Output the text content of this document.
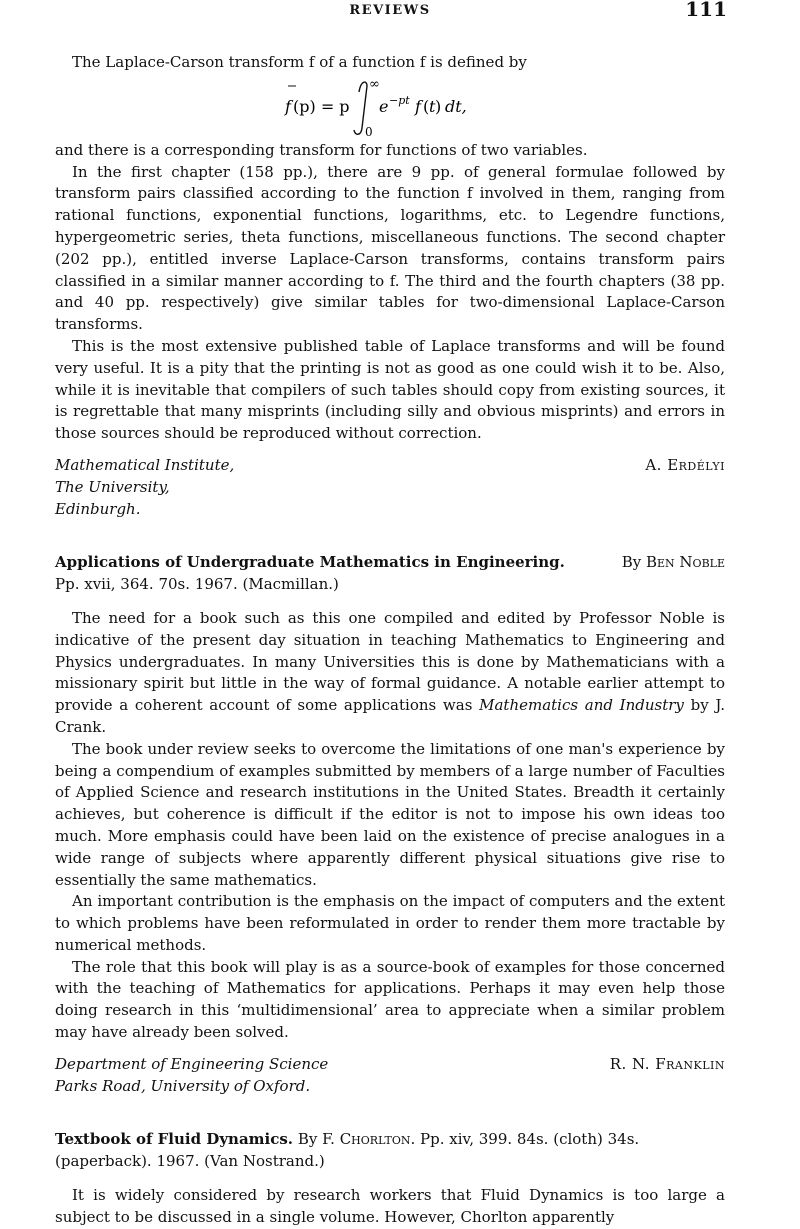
REVIEWS	111

The Laplace-Carson transform f of a function f is defined by

f (p) = p
∞
0
e −pt f ( t ) dt,

and there is a corresponding transform for functions of two variables.

In the first chapter (158 pp.), there are 9 pp. of general formulae followed by transform pairs classified according to the function f involved in them, ranging from rational functions, exponential functions, logarithms, etc. to Legendre functions, hypergeometric series, theta functions, miscellaneous functions. The second chapter (202 pp.), entitled inverse Laplace-Carson transforms, contains transform pairs classified in a similar manner according to f. The third and the fourth chapters (38 pp. and 40 pp. respectively) give similar tables for two-dimensional Laplace-Carson transforms.

This is the most extensive published table of Laplace transforms and will be found very useful. It is a pity that the printing is not as good as one could wish it to be. Also, while it is inevitable that compilers of such tables should copy from existing sources, it is regrettable that many misprints (including silly and obvious misprints) and errors in those sources should be reproduced without correction.

Mathematical Institute,
The University,
Edinburgh.
A. Erdélyi
Applications of Undergraduate Mathematics in Engineering.	By Ben Noble
Pp. xvii, 364. 70s. 1967. (Macmillan.)

The need for a book such as this one compiled and edited by Professor Noble is indicative of the present day situation in teaching Mathematics to Engineering and Physics undergraduates. In many Universities this is done by Mathematicians with a missionary spirit but little in the way of formal guidance. A notable earlier attempt to provide a coherent account of some applications was Mathematics and Industry by J. Crank.

The book under review seeks to overcome the limitations of one man's experience by being a compendium of examples submitted by members of a large number of Faculties of Applied Science and research institutions in the United States. Breadth it certainly achieves, but coherence is difficult if the editor is not to impose his own ideas too much. More emphasis could have been laid on the existence of precise analogues in a wide range of subjects where apparently different physical situations give rise to essentially the same mathematics.

An important contribution is the emphasis on the impact of computers and the extent to which problems have been reformulated in order to render them more tractable by numerical methods.

The role that this book will play is as a source-book of examples for those concerned with the teaching of Mathematics for applications. Perhaps it may even help those doing research in this ‘multidimensional’ area to appreciate when a similar problem may have already been solved.

Department of Engineering Science
Parks Road, University of Oxford.
R. N. Franklin
Textbook of Fluid Dynamics. By F. Chorlton. Pp. xiv, 399. 84s. (cloth) 34s. (paperback). 1967. (Van Nostrand.)

It is widely considered by research workers that Fluid Dynamics is too large a subject to be discussed in a single volume. However, Chorlton apparently
